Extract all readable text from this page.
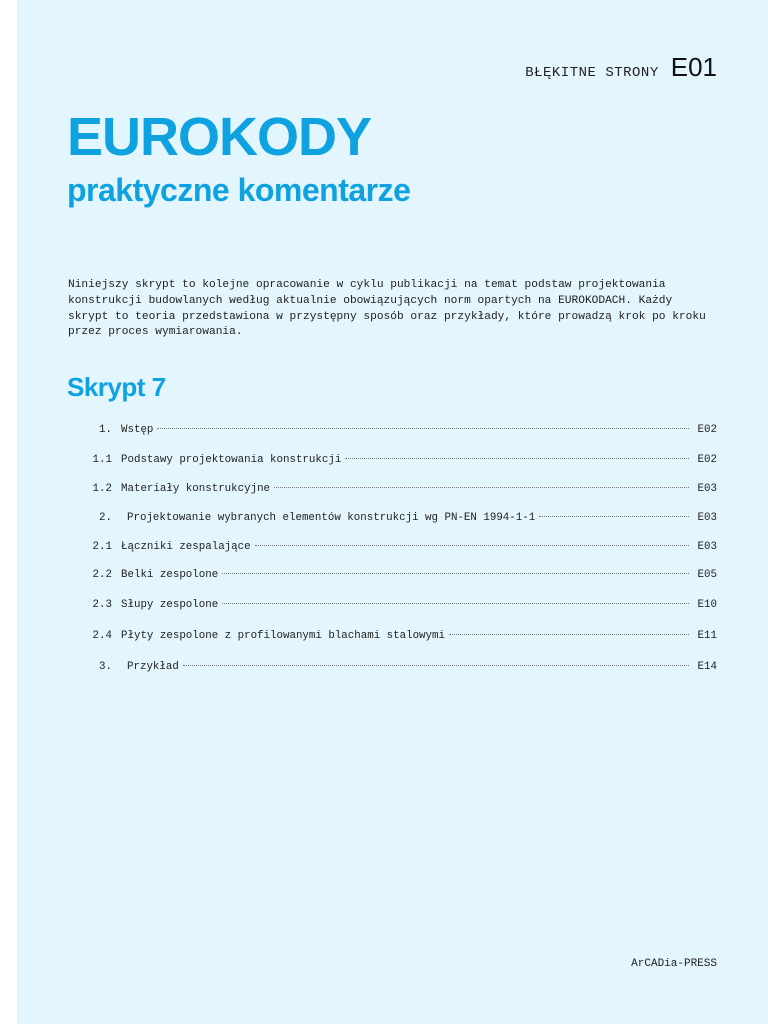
BŁĘKITNE STRONY E01
EUROKODY
praktyczne komentarze

Niniejszy skrypt to kolejne opracowanie w cyklu publikacji na temat podstaw projektowania konstrukcji budowlanych według aktualnie obowiązujących norm opartych na EUROKODACH. Każdy skrypt to teoria przedstawiona w przystępny sposób oraz przykłady, które prowadzą krok po kroku przez proces wymiarowania.

Skrypt 7
1. Wstęp	E02
1.1 Podstawy projektowania konstrukcji	E02
1.2 Materiały konstrukcyjne	E03
2. Projektowanie wybranych elementów konstrukcji wg PN-EN 1994-1-1	E03
2.1 Łączniki zespalające	E03
2.2 Belki zespolone	E05
2.3 Słupy zespolone	E10
2.4 Płyty zespolone z profilowanymi blachami stalowymi	E11
3. Przykład	E14
ArCADia-PRESS
